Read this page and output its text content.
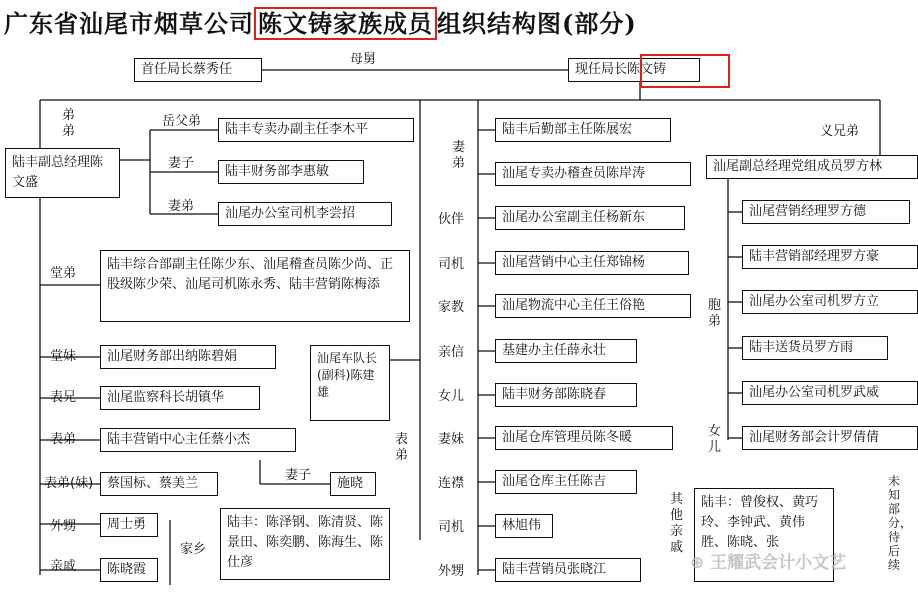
广东省汕尾市烟草公司 陈文铸家族成员 组织结构图(部分)
首任局长蔡秀任
母舅
现任局长陈文铸
弟弟
陆丰副总经理陈文盛
岳父弟
陆丰专卖办副主任李木平
妻子
陆丰财务部李惠敏
妻弟	汕尾办公室司机李尝招
堂弟
陆丰综合部副主任陈少东、汕尾稽查员陈少尚、正股级陈少荣、汕尾司机陈永秀、陆丰营销陈梅添
堂妹	汕尾财务部出纳陈碧娟
表兄	汕尾监察科长胡镇华
表弟	陆丰营销中心主任蔡小杰
表弟(妹)	蔡国标、蔡美兰
外甥	周士勇
亲戚	陈晓霞
汕尾车队长(副科)陈建雄
表弟
妻子
施晓
家乡
陆丰：陈泽钢、陈清贤、陈景田、陈奕鹏、陈海生、陈仕彦
妻弟
陆丰后勤部主任陈展宏
汕尾专卖办稽查员陈岸涛
伙伴	汕尾办公室副主任杨新东
司机	汕尾营销中心主任郑锦杨
家教	汕尾物流中心主任王俗艳
亲信	基建办主任薛永壮
女儿	陆丰财务部陈晓春
妻妹	汕尾仓库管理员陈冬暖
连襟	汕尾仓库主任陈吉
司机	林旭伟
外甥	陆丰营销员张晓江
义兄弟
汕尾副总经理党组成员罗方林
胞弟
女儿
汕尾营销经理罗方德
陆丰营销部经理罗方豪
汕尾办公室司机罗方立
陆丰送货员罗方雨
汕尾办公室司机罗武威
汕尾财务部会计罗倩倩
其他亲戚
陆丰：曾俊权、黄巧玲、李钟武、黄伟胜、陈晓、张
未知部分，待后续
⊕ 王耀武会计小文艺
